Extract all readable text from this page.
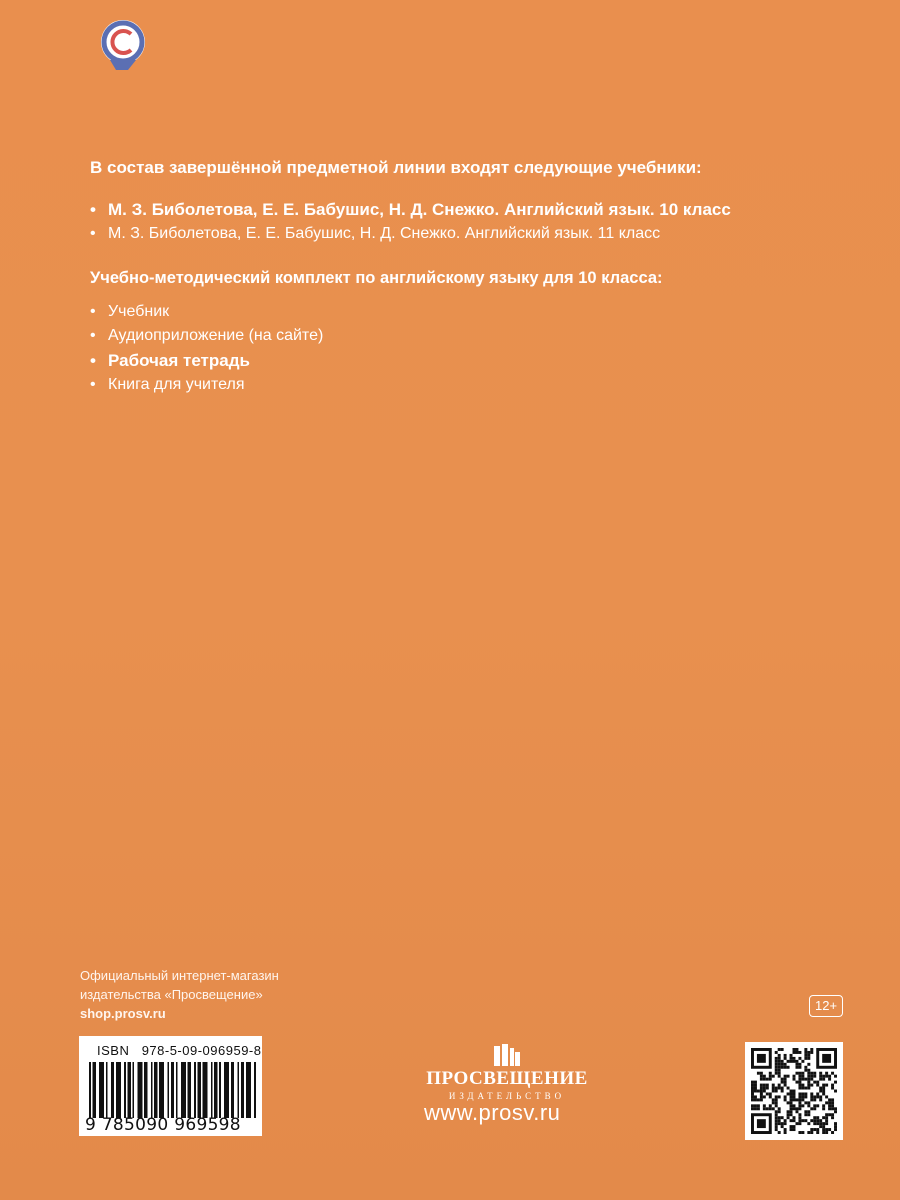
В состав завершённой предметной линии входят следующие учебники:

• М. З. Биболетова, Е. Е. Бабушис, Н. Д. Снежко. Английский язык. 10 класс
• М. З. Биболетова, Е. Е. Бабушис, Н. Д. Снежко. Английский язык. 11 класс

Учебно-методический комплект по английскому языку для 10 класса:

• Учебник
• Аудиоприложение (на сайте)
• Рабочая тетрадь
• Книга для учителя
Официальный интернет-магазин
издательства «Просвещение»
shop.prosv.ru
12+
ISBN 978-5-09-096959-8
9 785090 969598
ПРОСВЕЩЕНИЕ
ИЗДАТЕЛЬСТВО
www.prosv.ru
